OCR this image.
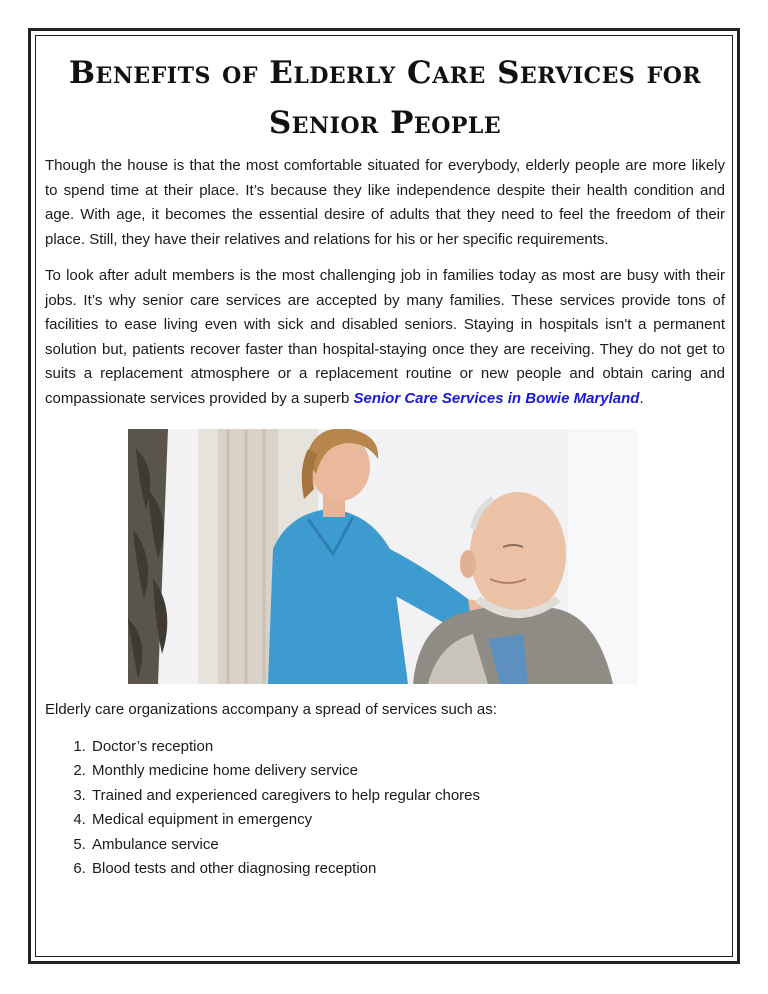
Benefits of Elderly Care Services for Senior People

Though the house is that the most comfortable situated for everybody, elderly people are more likely to spend time at their place. It’s because they like independence despite their health condition and age. With age, it becomes the essential desire of adults that they need to feel the freedom of their place. Still, they have their relatives and relations for his or her specific requirements.

To look after adult members is the most challenging job in families today as most are busy with their jobs. It’s why senior care services are accepted by many families. These services provide tons of facilities to ease living even with sick and disabled seniors. Staying in hospitals isn't a permanent solution but, patients recover faster than hospital-staying once they are receiving. They do not get to suits a replacement atmosphere or a replacement routine or new people and obtain caring and compassionate services provided by a superb Senior Care Services in Bowie Maryland.

Elderly care organizations accompany a spread of services such as:

1. Doctor’s reception
2. Monthly medicine home delivery service
3. Trained and experienced caregivers to help regular chores
4. Medical equipment in emergency
5. Ambulance service
6. Blood tests and other diagnosing reception
